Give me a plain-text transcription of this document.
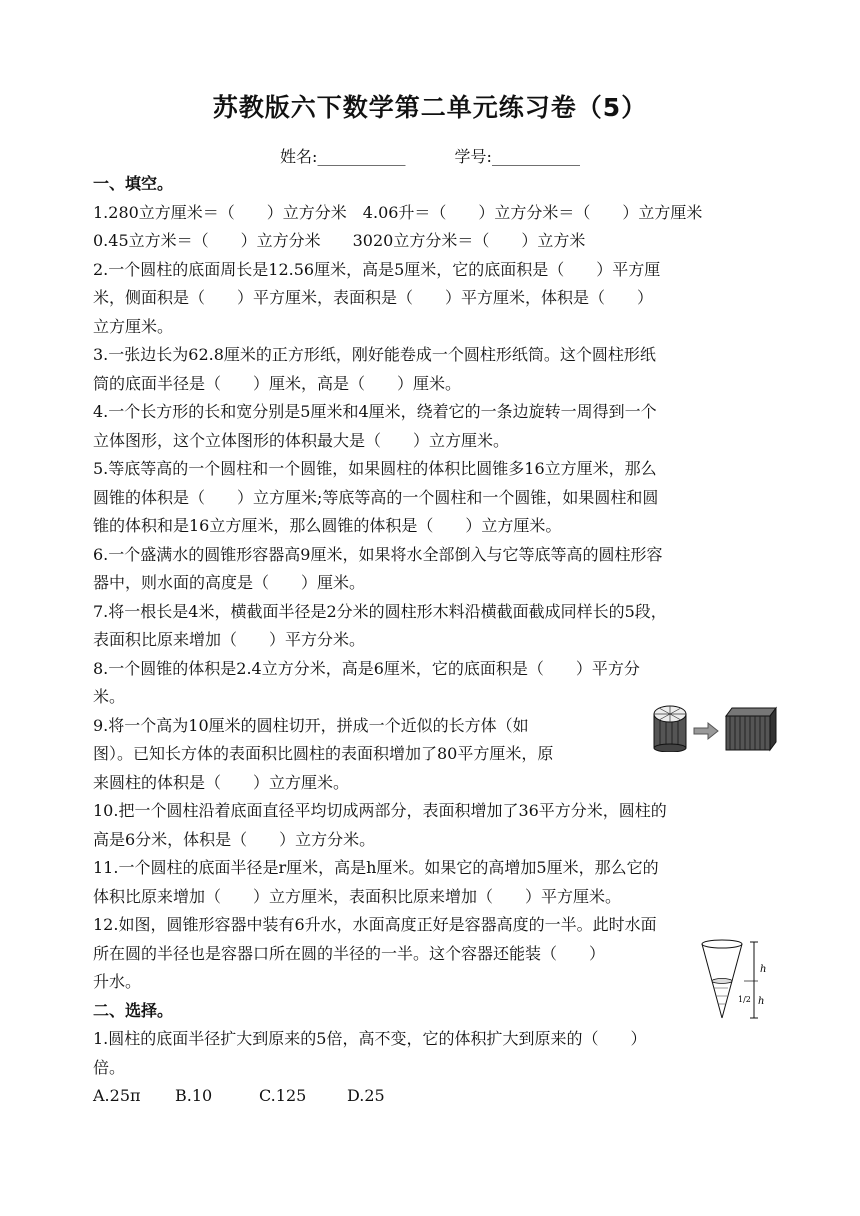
苏教版六下数学第二单元练习卷（5）
姓名:___________	学号:___________
一、填空。
1.280立方厘米＝（　　）立方分米　4.06升＝（　　）立方分米＝（　　）立方厘米
0.45立方米＝（　　）立方分米　　3020立方分米＝（　　）立方米
2.一个圆柱的底面周长是12.56厘米，高是5厘米，它的底面积是（　　）平方厘
米，侧面积是（　　）平方厘米，表面积是（　　）平方厘米，体积是（　　）
立方厘米。
3.一张边长为62.8厘米的正方形纸，刚好能卷成一个圆柱形纸筒。这个圆柱形纸
筒的底面半径是（　　）厘米，高是（　　）厘米。
4.一个长方形的长和宽分别是5厘米和4厘米，绕着它的一条边旋转一周得到一个
立体图形，这个立体图形的体积最大是（　　）立方厘米。
5.等底等高的一个圆柱和一个圆锥，如果圆柱的体积比圆锥多16立方厘米，那么
圆锥的体积是（　　）立方厘米;等底等高的一个圆柱和一个圆锥，如果圆柱和圆
锥的体积和是16立方厘米，那么圆锥的体积是（　　）立方厘米。
6.一个盛满水的圆锥形容器高9厘米，如果将水全部倒入与它等底等高的圆柱形容
器中，则水面的高度是（　　）厘米。
7.将一根长是4米，横截面半径是2分米的圆柱形木料沿横截面截成同样长的5段，
表面积比原来增加（　　）平方分米。
8.一个圆锥的体积是2.4立方分米，高是6厘米，它的底面积是（　　）平方分
米。
9.将一个高为10厘米的圆柱切开，拼成一个近似的长方体（如
图）。已知长方体的表面积比圆柱的表面积增加了80平方厘米，原
来圆柱的体积是（　　）立方厘米。
10.把一个圆柱沿着底面直径平均切成两部分，表面积增加了36平方分米，圆柱的
高是6分米，体积是（　　）立方分米。
11.一个圆柱的底面半径是r厘米，高是h厘米。如果它的高增加5厘米，那么它的
体积比原来增加（　　）立方厘米，表面积比原来增加（　　）平方厘米。
12.如图，圆锥形容器中装有6升水，水面高度正好是容器高度的一半。此时水面
所在圆的半径也是容器口所在圆的半径的一半。这个容器还能装（　　）
升水。
二、选择。
1.圆柱的底面半径扩大到原来的5倍，高不变，它的体积扩大到原来的（　　）
倍。
A.25π B.10	C.125	D.25
h
1/2 h
